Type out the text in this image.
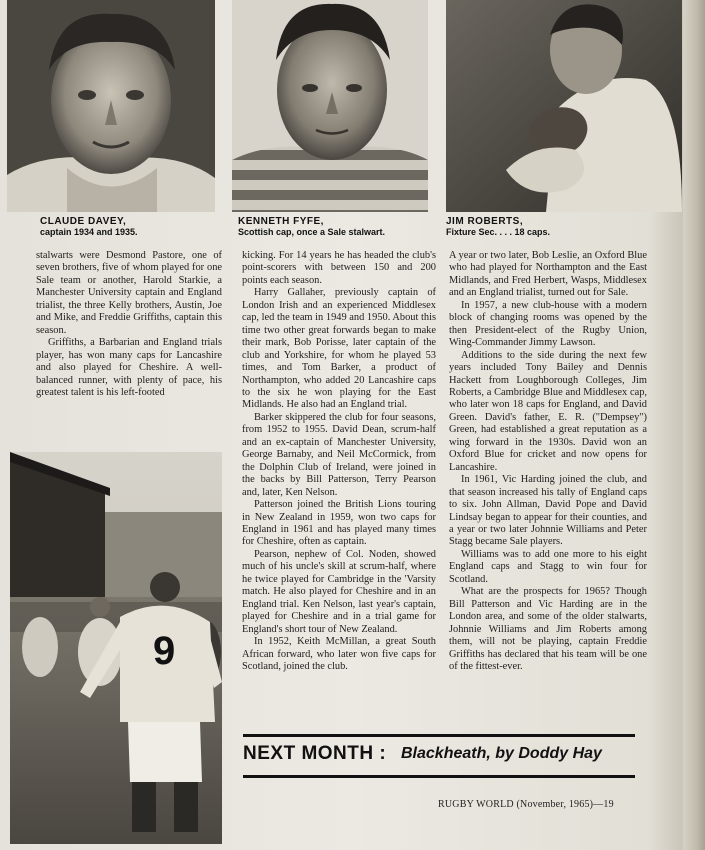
CLAUDE DAVEY,
captain 1934 and 1935.
KENNETH FYFE,
Scottish cap, once a Sale stalwart.
JIM ROBERTS,
Fixture Sec. . . . 18 caps.
9

stalwarts were Desmond Pastore, one of seven brothers, five of whom played for one Sale team or another, Harold Starkie, a Manchester University captain and England trialist, the three Kelly brothers, Austin, Joe and Mike, and Freddie Griffiths, captain this season.

Griffiths, a Barbarian and England trials player, has won many caps for Lancashire and also played for Cheshire. A well-balanced runner, with plenty of pace, his greatest talent is his left-footed

kicking. For 14 years he has headed the club's point-scorers with between 150 and 200 points each season.

Harry Gallaher, previously captain of London Irish and an experienced Middlesex cap, led the team in 1949 and 1950. About this time two other great forwards began to make their mark, Bob Porisse, later captain of the club and Yorkshire, for whom he played 53 times, and Tom Barker, a product of Northampton, who added 20 Lancashire caps to the six he won playing for the East Midlands. He also had an England trial.

Barker skippered the club for four seasons, from 1952 to 1955. David Dean, scrum-half and an ex-captain of Manchester University, George Barnaby, and Neil McCormick, from the Dolphin Club of Ireland, were joined in the backs by Bill Patterson, Terry Pearson and, later, Ken Nelson.

Patterson joined the British Lions touring in New Zealand in 1959, won two caps for England in 1961 and has played many times for Cheshire, often as captain.

Pearson, nephew of Col. Noden, showed much of his uncle's skill at scrum-half, where he twice played for Cambridge in the 'Varsity match. He also played for Cheshire and in an England trial. Ken Nelson, last year's captain, played for Cheshire and in a trial game for England's short tour of New Zealand.

In 1952, Keith McMillan, a great South African forward, who later won five caps for Scotland, joined the club.

A year or two later, Bob Leslie, an Oxford Blue who had played for Northampton and the East Midlands, and Fred Herbert, Wasps, Middlesex and an England trialist, turned out for Sale.

In 1957, a new club-house with a modern block of changing rooms was opened by the then President-elect of the Rugby Union, Wing-Commander Jimmy Lawson.

Additions to the side during the next few years included Tony Bailey and Dennis Hackett from Loughborough Colleges, Jim Roberts, a Cambridge Blue and Middlesex cap, who later won 18 caps for England, and David Green. David's father, E. R. ("Dempsey") Green, had established a great reputation as a wing forward in the 1930s. David won an Oxford Blue for cricket and now opens for Lancashire.

In 1961, Vic Harding joined the club, and that season increased his tally of England caps to six. John Allman, David Pope and David Lindsay began to appear for their counties, and a year or two later Johnnie Williams and Peter Stagg became Sale players.

Williams was to add one more to his eight England caps and Stagg to win four for Scotland.

What are the prospects for 1965? Though Bill Patterson and Vic Harding are in the London area, and some of the older stalwarts, Johnnie Williams and Jim Roberts among them, will not be playing, captain Freddie Griffiths has declared that his team will be one of the fittest-ever.

NEXT MONTH : Blackheath, by Doddy Hay
RUGBY WORLD (November, 1965)—19
